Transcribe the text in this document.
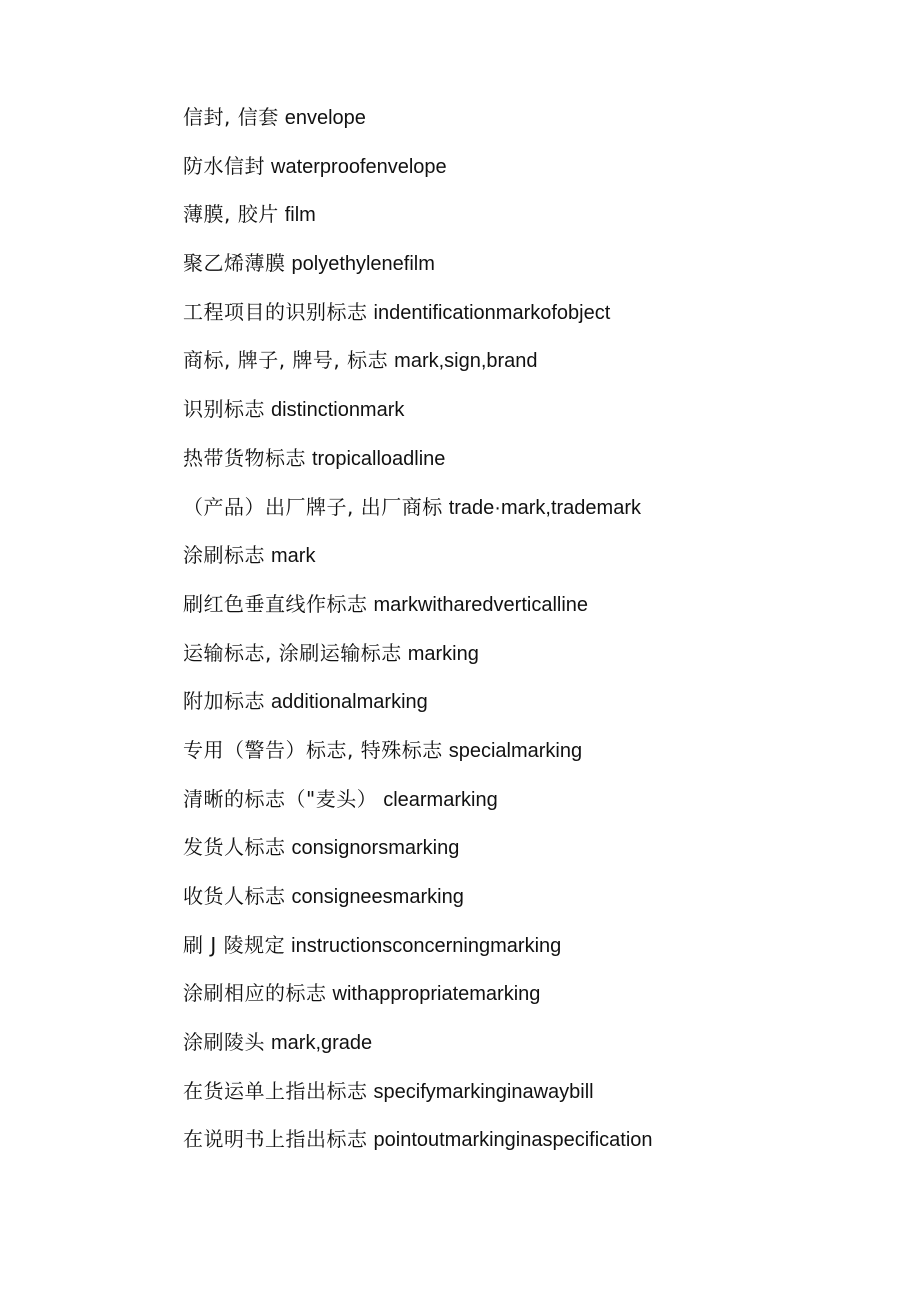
信封, 信套 envelope
防水信封 waterproofenvelope
薄膜, 胶片 film
聚乙烯薄膜 polyethylenefilm
工程项目的识别标志 indentificationmarkofobject
商标, 牌子, 牌号, 标志 mark,sign,brand
识别标志 distinctionmark
热带货物标志 tropicalloadline
（产品）出厂牌子, 出厂商标 trade·mark,trademark
涂刷标志 mark
刷红色垂直线作标志 markwitharedverticalline
运输标志, 涂刷运输标志 marking
附加标志 additionalmarking
专用（警告）标志, 特殊标志 specialmarking
清晰的标志（"麦头） clearmarking
发货人标志 consignorsmarking
收货人标志 consigneesmarking
刷 J 陵规定 instructionsconcerningmarking
涂刷相应的标志 withappropriatemarking
涂刷陵头 mark,grade
在货运单上指出标志 specifymarkinginawaybill
在说明书上指出标志 pointoutmarkinginaspecification
